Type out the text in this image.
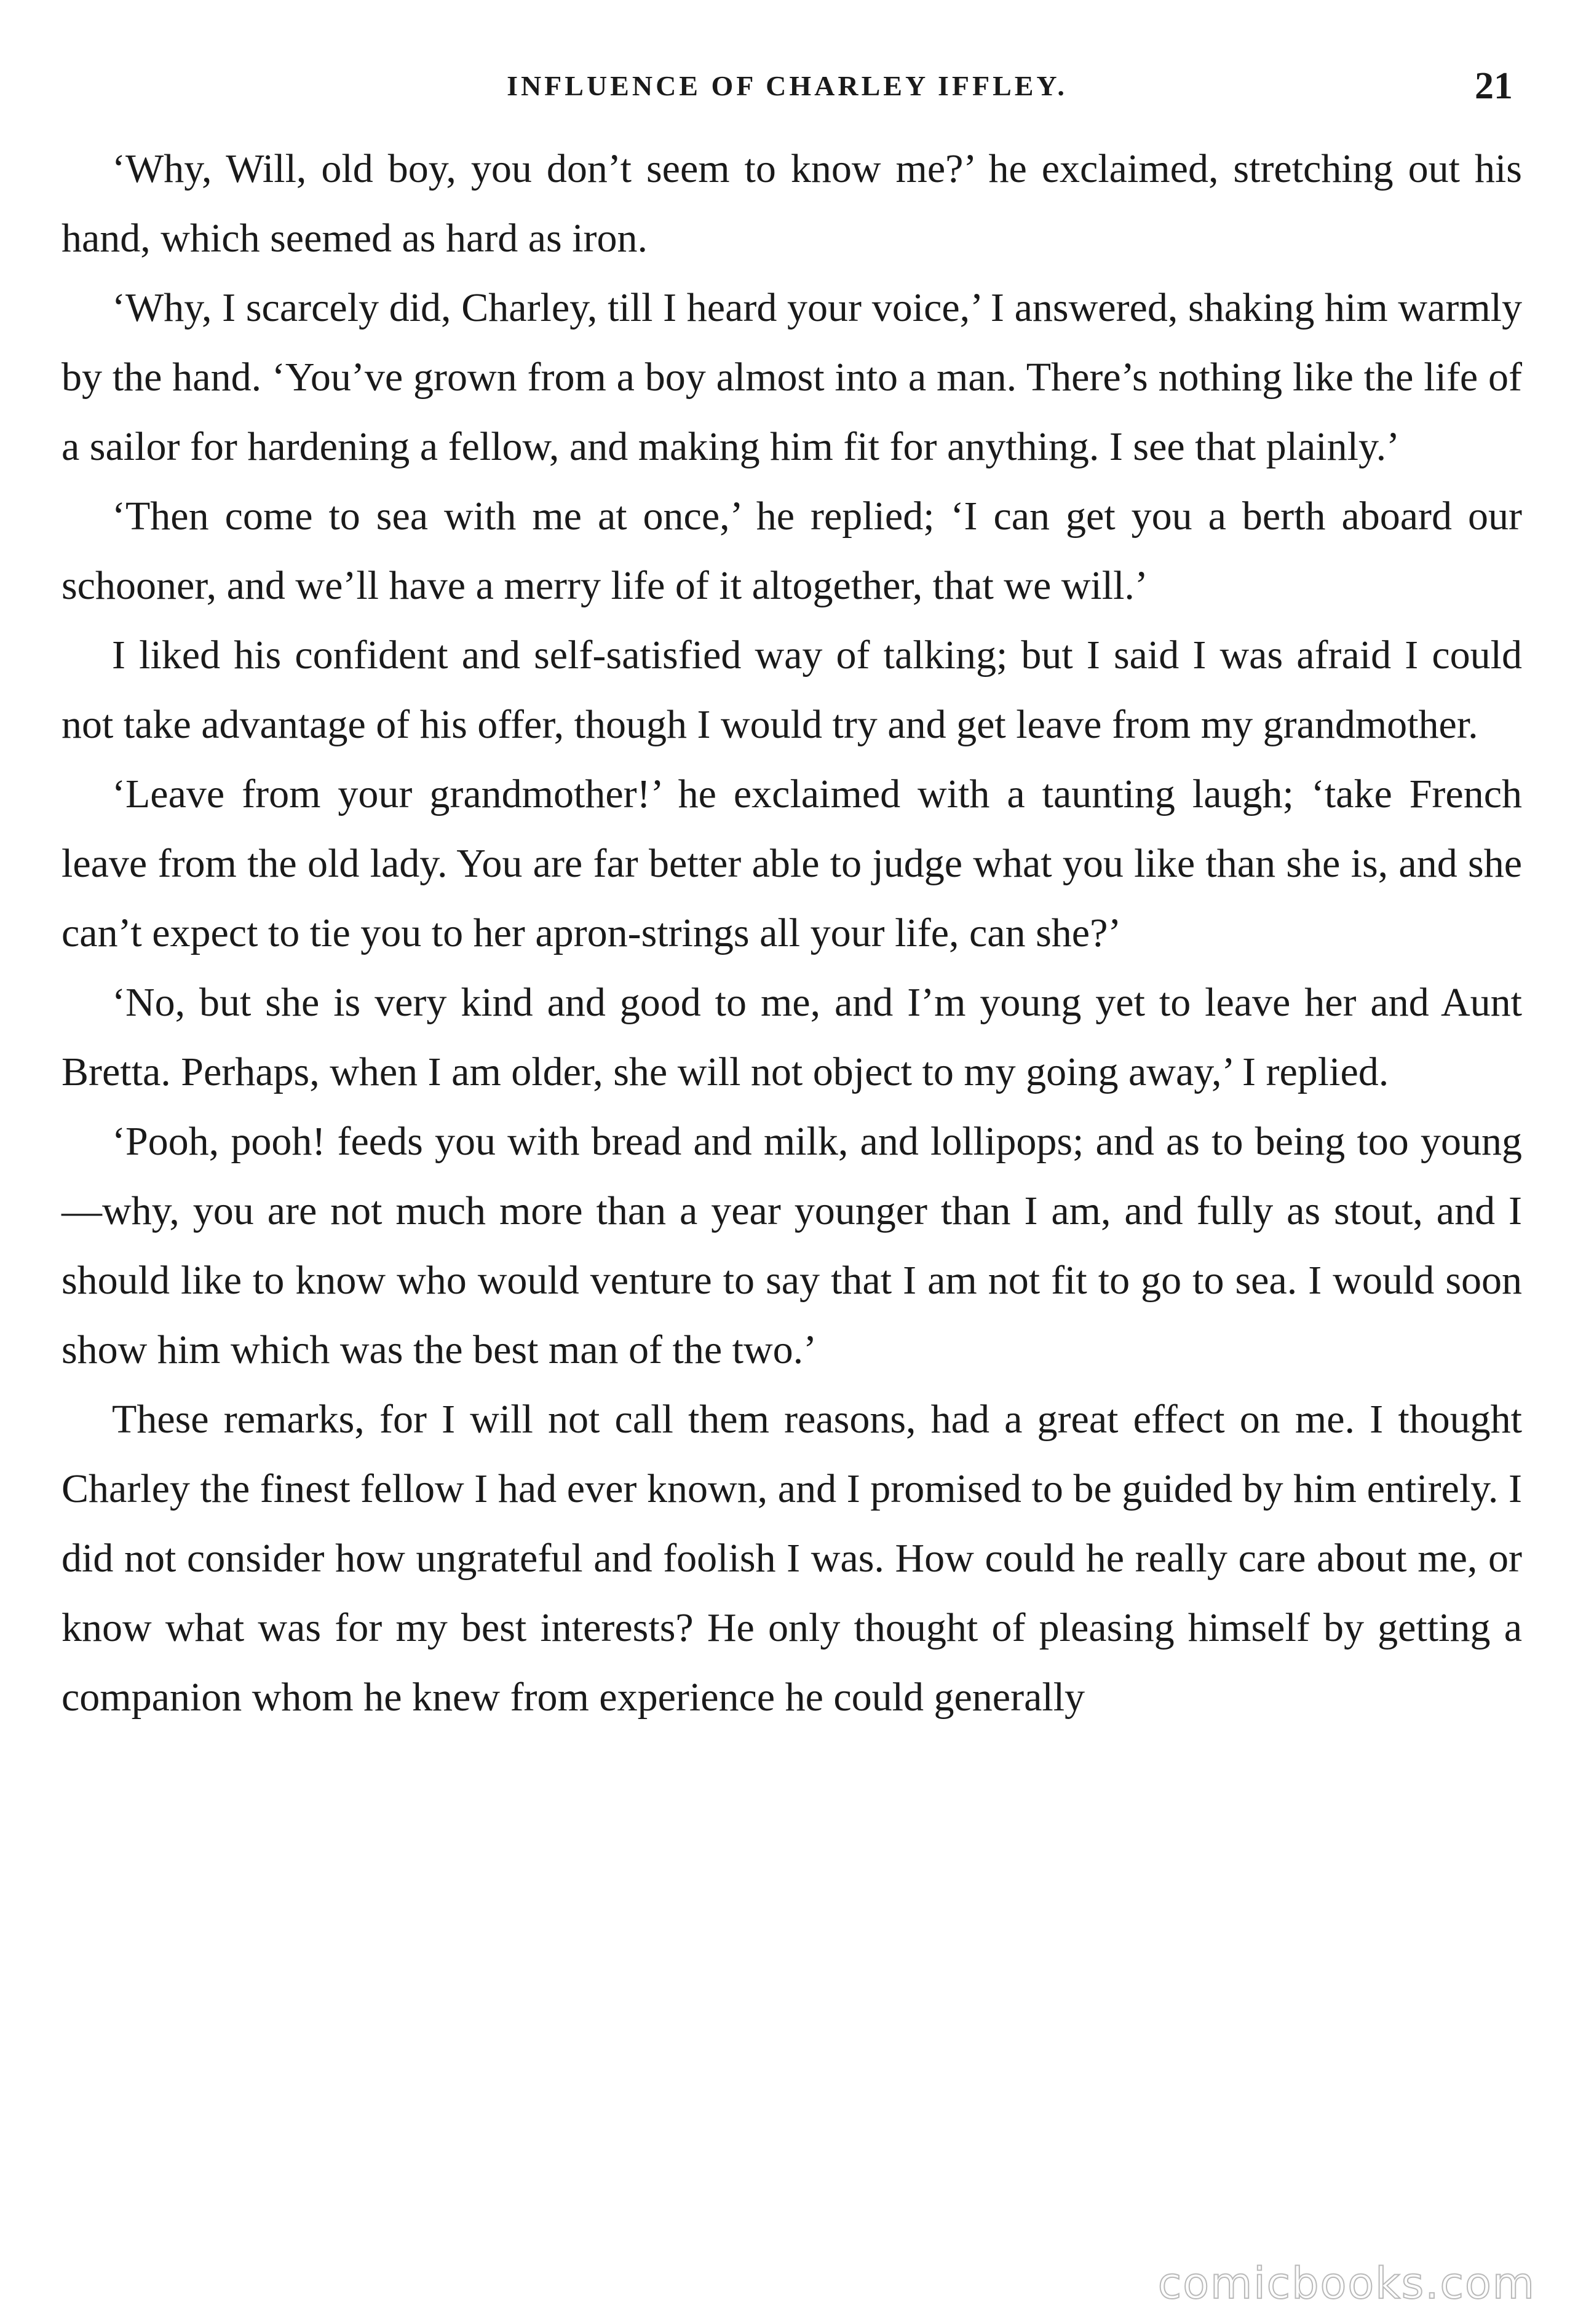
INFLUENCE OF CHARLEY IFFLEY.	21

‘Why, Will, old boy, you don’t seem to know me?’ he exclaimed, stretching out his hand, which seemed as hard as iron.

‘Why, I scarcely did, Charley, till I heard your voice,’ I answered, shaking him warmly by the hand. ‘You’ve grown from a boy almost into a man. There’s nothing like the life of a sailor for hardening a fellow, and making him fit for anything. I see that plainly.’

‘Then come to sea with me at once,’ he replied; ‘I can get you a berth aboard our schooner, and we’ll have a merry life of it altogether, that we will.’

I liked his confident and self-satisfied way of talking; but I said I was afraid I could not take advantage of his offer, though I would try and get leave from my grandmother.

‘Leave from your grandmother!’ he exclaimed with a taunting laugh; ‘take French leave from the old lady. You are far better able to judge what you like than she is, and she can’t expect to tie you to her apron-strings all your life, can she?’

‘No, but she is very kind and good to me, and I’m young yet to leave her and Aunt Bretta. Perhaps, when I am older, she will not object to my going away,’ I replied.

‘Pooh, pooh! feeds you with bread and milk, and lollipops; and as to being too young—why, you are not much more than a year younger than I am, and fully as stout, and I should like to know who would venture to say that I am not fit to go to sea. I would soon show him which was the best man of the two.’

These remarks, for I will not call them reasons, had a great effect on me. I thought Charley the finest fellow I had ever known, and I promised to be guided by him entirely. I did not consider how ungrateful and foolish I was. How could he really care about me, or know what was for my best interests? He only thought of pleasing himself by getting a companion whom he knew from experience he could generally

comicbooks.com
